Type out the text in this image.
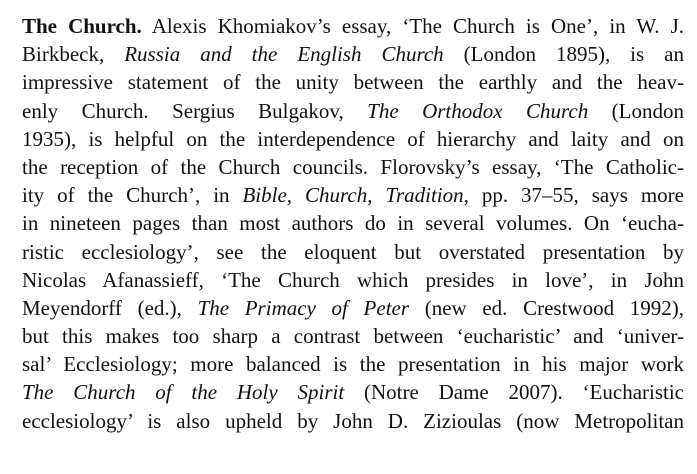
The Church. Alexis Khomiakov’s essay, ‘The Church is One’, in W. J.
Birkbeck, Russia and the English Church (London 1895), is an
impressive statement of the unity between the earthly and the heav-
enly Church. Sergius Bulgakov, The Orthodox Church (London
1935), is helpful on the interdependence of hierarchy and laity and on
the reception of the Church councils. Florovsky’s essay, ‘The Catholic-
ity of the Church’, in Bible, Church, Tradition, pp. 37–55, says more
in nineteen pages than most authors do in several volumes. On ‘eucha-
ristic ecclesiology’, see the eloquent but overstated presentation by
Nicolas Afanassieff, ‘The Church which presides in love’, in John
Meyendorff (ed.), The Primacy of Peter (new ed. Crestwood 1992),
but this makes too sharp a contrast between ‘eucharistic’ and ‘univer-
sal’ Ecclesiology; more balanced is the presentation in his major work
The Church of the Holy Spirit (Notre Dame 2007). ‘Eucharistic
ecclesiology’ is also upheld by John D. Zizioulas (now Metropolitan
